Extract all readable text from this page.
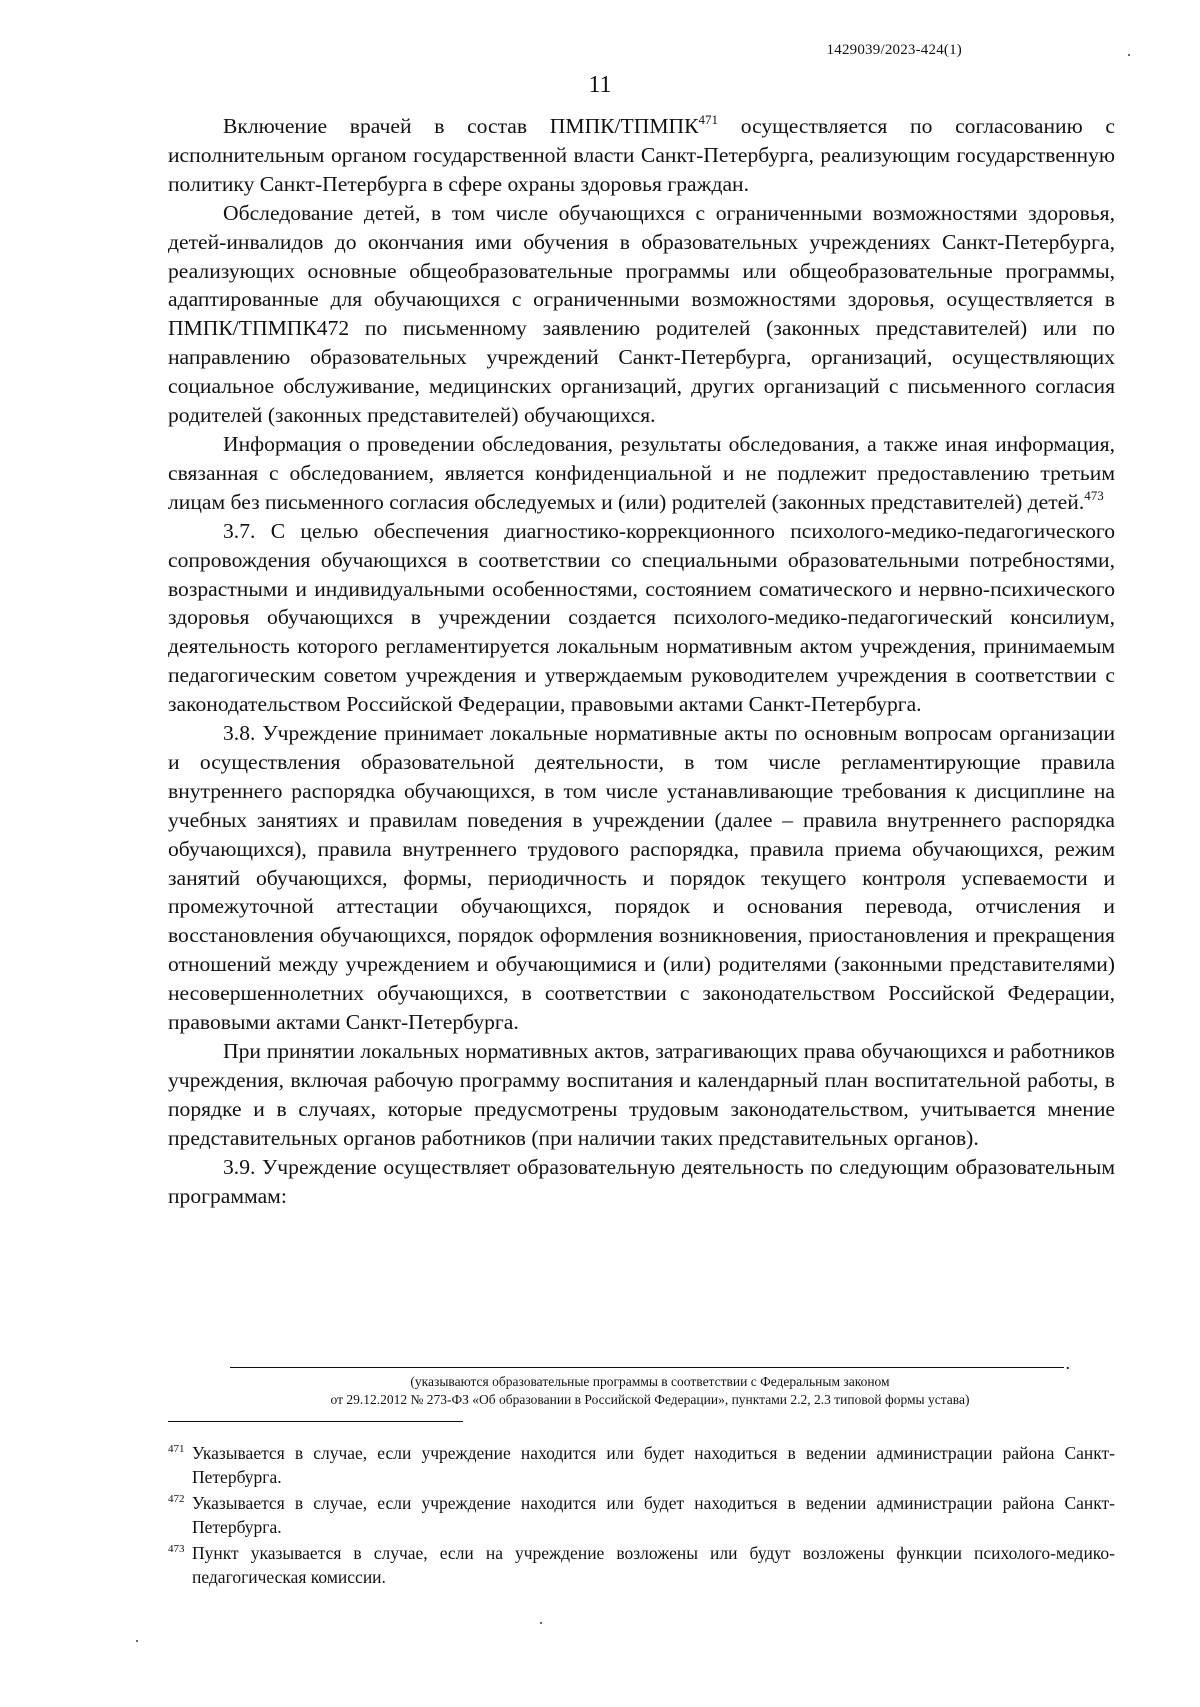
1429039/2023-424(1)
11

Включение врачей в состав ПМПК/ТПМПК$^{471}$ осуществляется по согласованию с исполнительным органом государственной власти Санкт-Петербурга, реализующим государственную политику Санкт-Петербурга в сфере охраны здоровья граждан.

Обследование детей, в том числе обучающихся с ограниченными возможностями здоровья, детей-инвалидов до окончания ими обучения в образовательных учреждениях Санкт-Петербурга, реализующих основные общеобразовательные программы или общеобразовательные программы, адаптированные для обучающихся с ограниченными возможностями здоровья, осуществляется в ПМПК/ТПМПК472 по письменному заявлению родителей (законных представителей) или по направлению образовательных учреждений Санкт-Петербурга, организаций, осуществляющих социальное обслуживание, медицинских организаций, других организаций с письменного согласия родителей (законных представителей) обучающихся.

Информация о проведении обследования, результаты обследования, а также иная информация, связанная с обследованием, является конфиденциальной и не подлежит предоставлению третьим лицам без письменного согласия обследуемых и (или) родителей (законных представителей) детей.$^{473}$

3.7. С целью обеспечения диагностико-коррекционного психолого-медико-педагогического сопровождения обучающихся в соответствии со специальными образовательными потребностями, возрастными и индивидуальными особенностями, состоянием соматического и нервно-психического здоровья обучающихся в учреждении создается психолого-медико-педагогический консилиум, деятельность которого регламентируется локальным нормативным актом учреждения, принимаемым педагогическим советом учреждения и утверждаемым руководителем учреждения в соответствии с законодательством Российской Федерации, правовыми актами Санкт-Петербурга.

3.8. Учреждение принимает локальные нормативные акты по основным вопросам организации и осуществления образовательной деятельности, в том числе регламентирующие правила внутреннего распорядка обучающихся, в том числе устанавливающие требования к дисциплине на учебных занятиях и правилам поведения в учреждении (далее – правила внутреннего распорядка обучающихся), правила внутреннего трудового распорядка, правила приема обучающихся, режим занятий обучающихся, формы, периодичность и порядок текущего контроля успеваемости и промежуточной аттестации обучающихся, порядок и основания перевода, отчисления и восстановления обучающихся, порядок оформления возникновения, приостановления и прекращения отношений между учреждением и обучающимися и (или) родителями (законными представителями) несовершеннолетних обучающихся, в соответствии с законодательством Российской Федерации, правовыми актами Санкт-Петербурга.

При принятии локальных нормативных актов, затрагивающих права обучающихся и работников учреждения, включая рабочую программу воспитания и календарный план воспитательной работы, в порядке и в случаях, которые предусмотрены трудовым законодательством, учитывается мнение представительных органов работников (при наличии таких представительных органов).

3.9. Учреждение осуществляет образовательную деятельность по следующим образовательным программам:

.
(указываются образовательные программы в соответствии с Федеральным законом
от 29.12.2012 № 273-ФЗ «Об образовании в Российской Федерации», пунктами 2.2, 2.3 типовой формы устава)
471 Указывается в случае, если учреждение находится или будет находиться в ведении администрации района Санкт-Петербурга.
472 Указывается в случае, если учреждение находится или будет находиться в ведении администрации района Санкт-Петербурга.
473 Пункт указывается в случае, если на учреждение возложены или будут возложены функции психолого-медико-педагогическая комиссии.
